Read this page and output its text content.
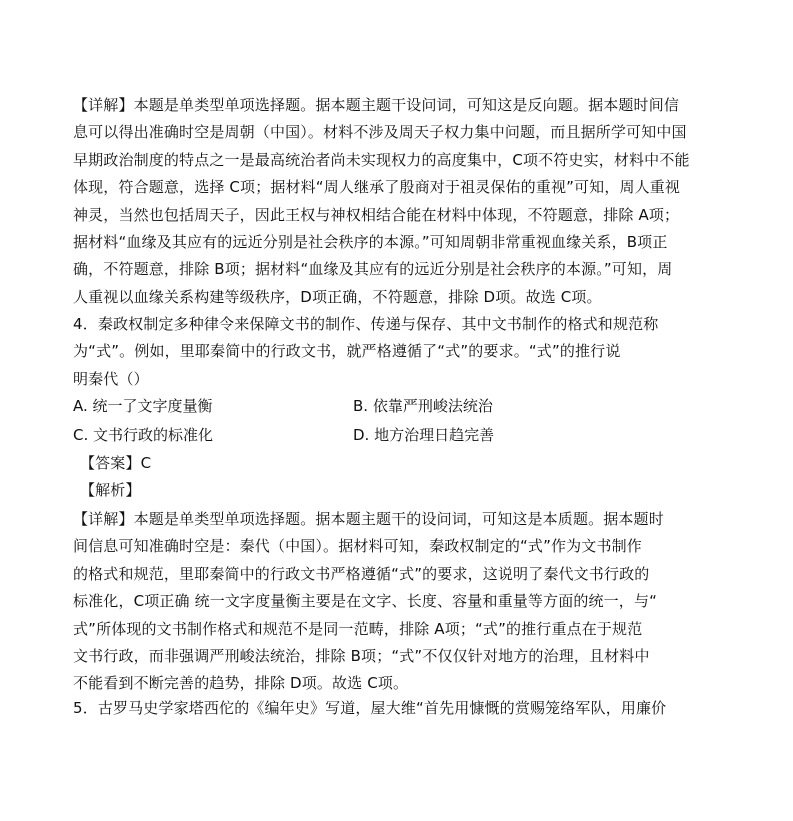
【详解】本题是单类型单项选择题。据本题主题干设问词，可知这是反向题。据本题时间信

息可以得出准确时空是周朝（中国）。材料不涉及周天子权力集中问题，而且据所学可知中国

早期政治制度的特点之一是最高统治者尚未实现权力的高度集中，C项不符史实，材料中不能

体现，符合题意，选择 C项；据材料“周人继承了殷商对于祖灵保佑的重视”可知，周人重视

神灵，当然也包括周天子，因此王权与神权相结合能在材料中体现，不符题意，排除 A项；

据材料“血缘及其应有的远近分别是社会秩序的本源。”可知周朝非常重视血缘关系，B项正

确，不符题意，排除 B项；据材料“血缘及其应有的远近分别是社会秩序的本源。”可知，周

人重视以血缘关系构建等级秩序，D项正确，不符题意，排除 D项。故选 C项。

4．秦政权制定多种律令来保障文书的制作、传递与保存、其中文书制作的格式和规范称

为“式”。例如，里耶秦简中的行政文书，就严格遵循了“式”的要求。“式”的推行说

明秦代（）

A. 统一了文字度量衡	B. 依靠严刑峻法统治
C. 文书行政的标准化	D. 地方治理日趋完善

【答案】C

【解析】

【详解】本题是单类型单项选择题。据本题主题干的设问词，可知这是本质题。据本题时

间信息可知准确时空是：秦代（中国）。据材料可知，秦政权制定的“式”作为文书制作

的格式和规范，里耶秦简中的行政文书严格遵循“式”的要求，这说明了秦代文书行政的

标准化，C项正确 统一文字度量衡主要是在文字、长度、容量和重量等方面的统一，与“

式”所体现的文书制作格式和规范不是同一范畴，排除 A项；“式”的推行重点在于规范

文书行政，而非强调严刑峻法统治，排除 B项；“式”不仅仅针对地方的治理，且材料中

不能看到不断完善的趋势，排除 D项。故选 C项。

5．古罗马史学家塔西佗的《编年史》写道，屋大维“首先用慷慨的赏赐笼络军队，用廉价
